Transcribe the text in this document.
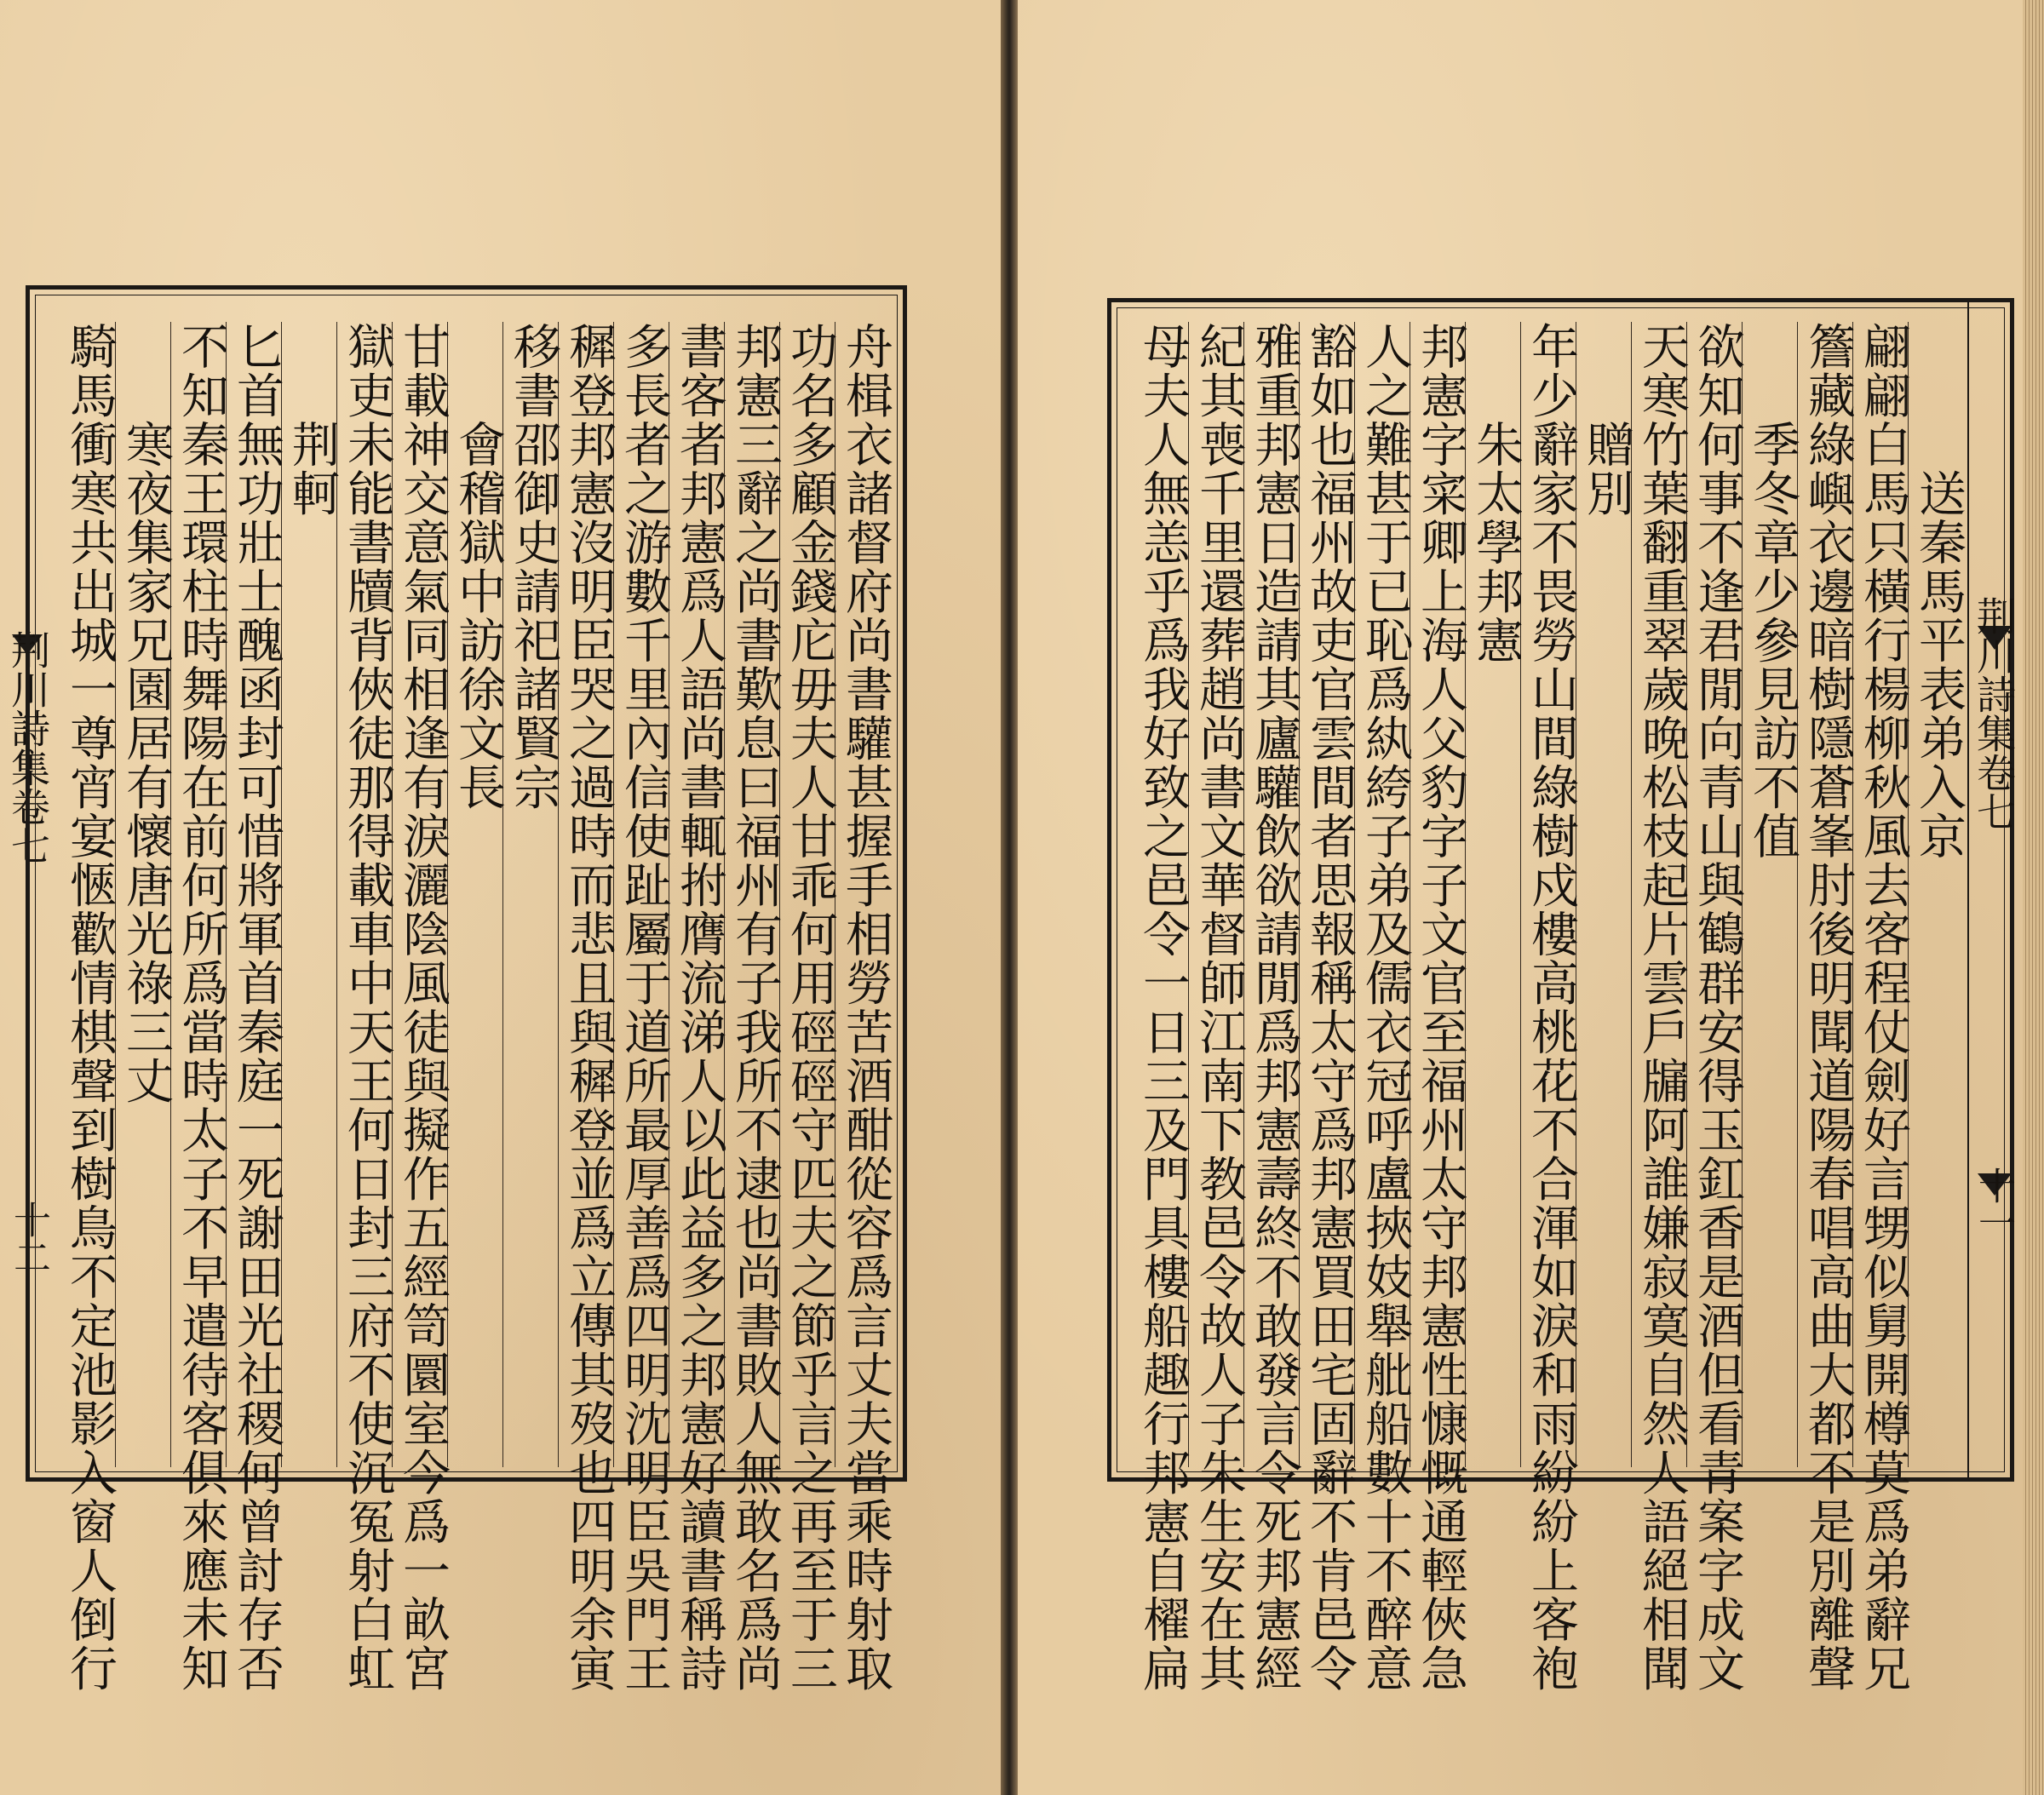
荆川詩集卷七
十二	舟楫衣諸督府尚書驩甚握手相勞苦酒酣從容爲言丈夫當乘時射取
功名多顧金錢庀毋夫人甘乖何用硜硜守匹夫之節乎言之再至于三
邦憲三辭之尚書歎息曰福州有子我所不逮也尚書敗人無敢名爲尚
書客者邦憲爲人語尚書輒拊膺流涕人以此益多之邦憲好讀書稱詩
多長者之游數千里內信使趾屬于道所最厚善爲四明沈明臣吳門王
穉登邦憲沒明臣哭之過時而悲且與穉登並爲立傳其歿也四明余寅
移書邵御史請祀諸賢宗
　　會稽獄中訪徐文長
甘載神交意氣同相逢有淚灑陰風徒與擬作五經笥圜室今爲一畝宮
獄吏未能書牘背俠徒那得載車中天王何日封三府不使沉冤射白虹
　　荆軻
匕首無功壯士醜函封可惜將軍首秦庭一死謝田光社稷何曾討存否
不知秦王環柱時舞陽在前何所爲當時太子不早遣待客俱來應未知
　　寒夜集家兄園居有懷唐光祿三丈
騎馬衝寒共出城一尊宵宴愜歡情棋聲到樹鳥不定池影入窗人倒行	荆川詩集卷七
十一
　　　送秦馬平表弟入京
翩翩白馬只橫行楊柳秋風去客程仗劍好言甥似舅開樽莫爲弟辭兄
簷藏綠嶼衣邊暗樹隱蒼峯肘後明聞道陽春唱高曲大都不是別離聲
　　季冬章少參見訪不值
欲知何事不逢君閒向青山與鶴群安得玉釭香是酒但看青案字成文
天寒竹葉翻重翠歲晚松枝起片雲戶牖阿誰嫌寂寞自然人語絕相聞
　　贈別
年少辭家不畏勞山間綠樹戍樓高桃花不合渾如淚和雨紛紛上客袍
　　朱太學邦憲
邦憲字寀卿上海人父豹字子文官至福州太守邦憲性慷慨通輕俠急
人之難甚于已恥爲紈絝子弟及儒衣冠呼盧挾妓舉舭船數十不醉意
豁如也福州故吏官雲間者思報稱太守爲邦憲買田宅固辭不肯邑令
雅重邦憲日造請其廬驩飲欲請閒爲邦憲壽終不敢發言令死邦憲經
紀其喪千里還葬趙尚書文華督師江南下教邑令故人子朱生安在其
母夫人無恙乎爲我好致之邑令一日三及門具樓船趣行邦憲自櫂扁
